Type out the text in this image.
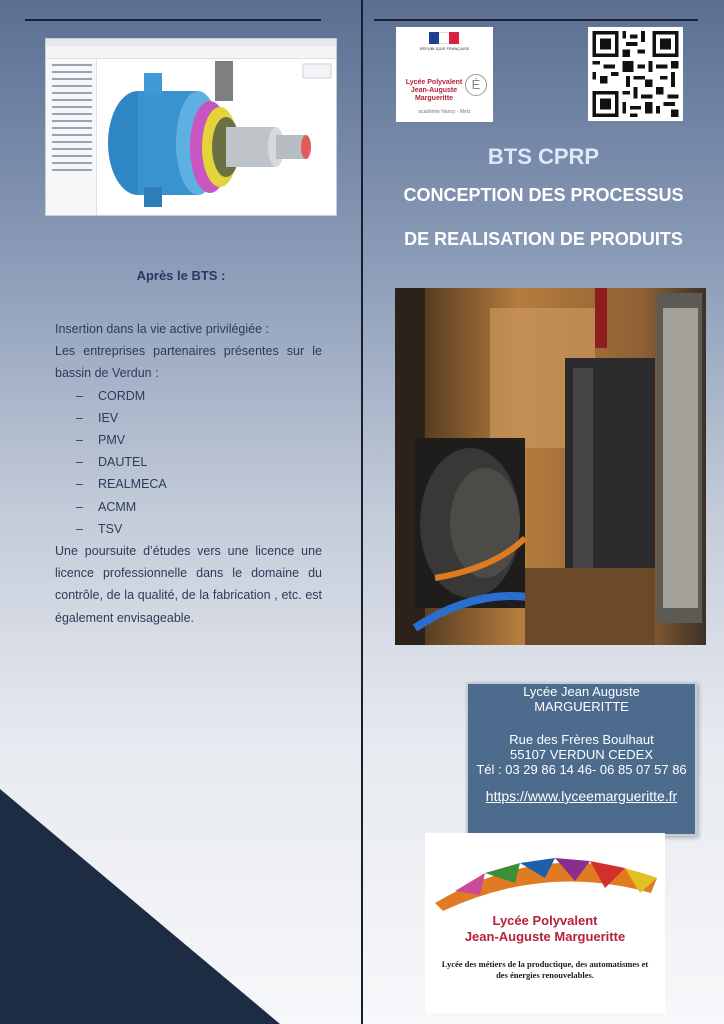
Après le BTS :

Insertion dans la vie active privilégiée :

Les entreprises partenaires présentes sur le bassin de Verdun :

– CORDM
– IEV
– PMV
– DAUTEL
– REALMECA
– ACMM
– TSV

Une poursuite d’études vers une licence une licence professionnelle dans le domaine du contrôle, de la qualité, de la fabrication , etc. est également envisageable.

RÉPUBLIQUE FRANÇAISE
Lycée Polyvalent Jean-Auguste Margueritte
É
académie Nancy - Metz
BTS CPRP
CONCEPTION DES PROCESSUS
DE REALISATION DE PRODUITS
Lycée Jean Auguste MARGUERITTE
Rue des Frères Boulhaut
55107 VERDUN CEDEX
Tél : 03 29 86 14 46- 06 85 07 57 86
https://www.lyceemargueritte.fr
Lycée Polyvalent
Jean-Auguste Margueritte
Lycée des métiers de la productique, des automatismes et des énergies renouvelables.
